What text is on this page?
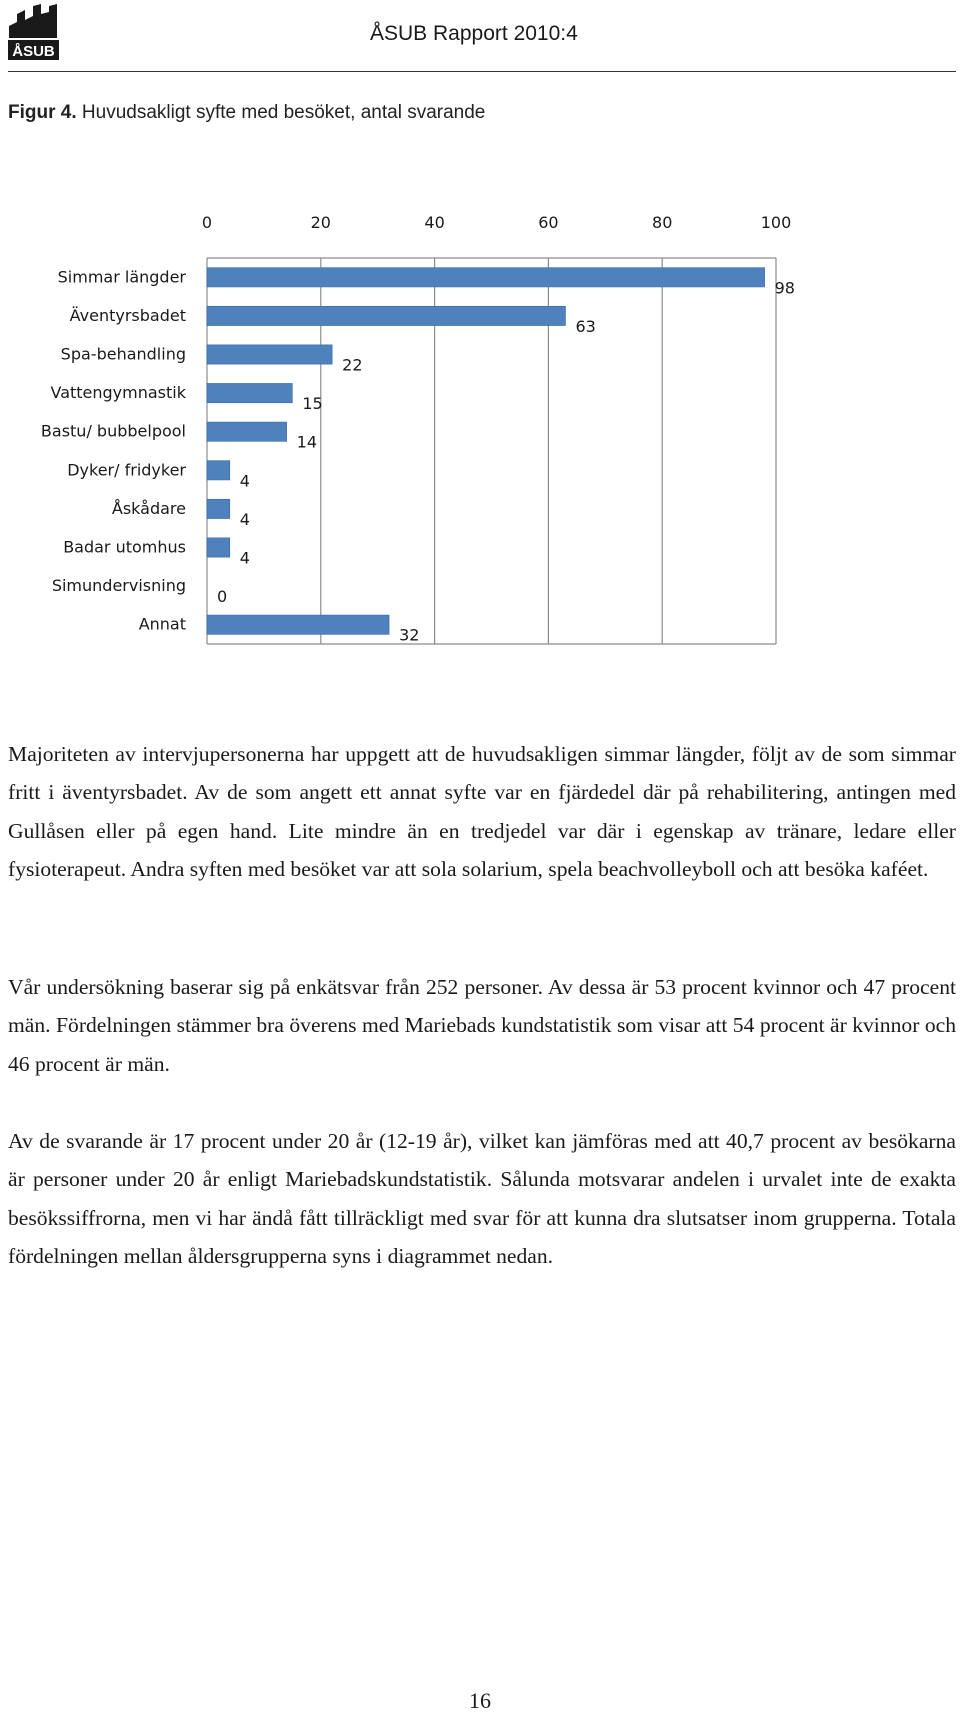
ÅSUB
ÅSUB Rapport 2010:4
Figur 4. Huvudsakligt syfte med besöket, antal svarande
0	20	40	60	80	100
Simmar längder
98
Äventyrsbadet
63
Spa-behandling
22
Vattengymnastik
15
Bastu/ bubbelpool
14
Dyker/ fridyker
4
Åskådare
4
Badar utomhus
4
Simundervisning
0
Annat
32

Majoriteten av intervjupersonerna har uppgett att de huvudsakligen simmar längder, följt av de som simmar fritt i äventyrsbadet. Av de som angett ett annat syfte var en fjärdedel där på rehabilitering, antingen med Gullåsen eller på egen hand. Lite mindre än en tredjedel var där i egenskap av tränare, ledare eller fysioterapeut. Andra syften med besöket var att sola solarium, spela beachvolleyboll och att besöka kaféet.

Vår undersökning baserar sig på enkätsvar från 252 personer. Av dessa är 53 procent kvinnor och 47 procent män. Fördelningen stämmer bra överens med Mariebads kundstatistik som visar att 54 procent är kvinnor och 46 procent är män.

Av de svarande är 17 procent under 20 år (12-19 år), vilket kan jämföras med att 40,7 procent av besökarna är personer under 20 år enligt Mariebadskundstatistik. Sålunda motsvarar andelen i urvalet inte de exakta besökssiffrorna, men vi har ändå fått tillräckligt med svar för att kunna dra slutsatser inom grupperna. Totala fördelningen mellan åldersgrupperna syns i diagrammet nedan.

16
